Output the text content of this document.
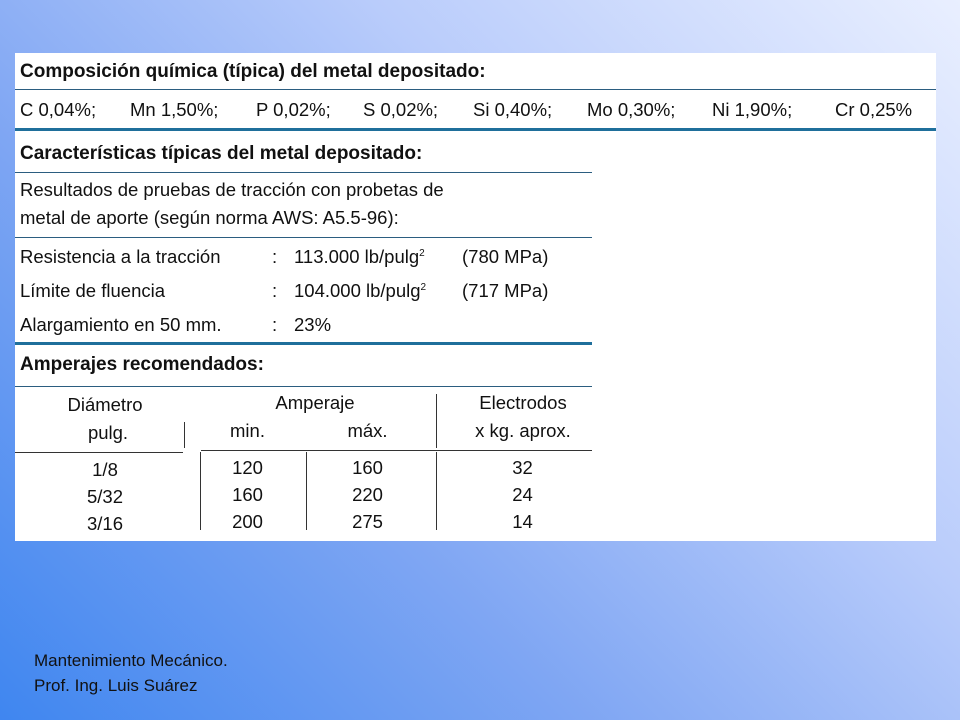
Composición química (típica) del metal depositado:
C 0,04%; Mn 1,50%; P 0,02%; S 0,02%; Si 0,40%; Mo 0,30%; Ni 1,90%; Cr 0,25%
Características típicas del metal depositado:
Resultados de pruebas de tracción con probetas de
metal de aporte (según norma AWS: A5.5-96):
Resistencia a la tracción	: 113.000 lb/pulg$^2$ (780 MPa)
Límite de fluencia	: 104.000 lb/pulg$^2$ (717 MPa)
Alargamiento en 50 mm.	: 23%
Amperajes recomendados:
Diámetro
pulg.
Amperaje
min.	máx.
Electrodos
x kg. aprox.
1/8	120	160	32
5/32	160	220	24
3/16	200	275	14
Mantenimiento Mecánico.
Prof. Ing. Luis Suárez
